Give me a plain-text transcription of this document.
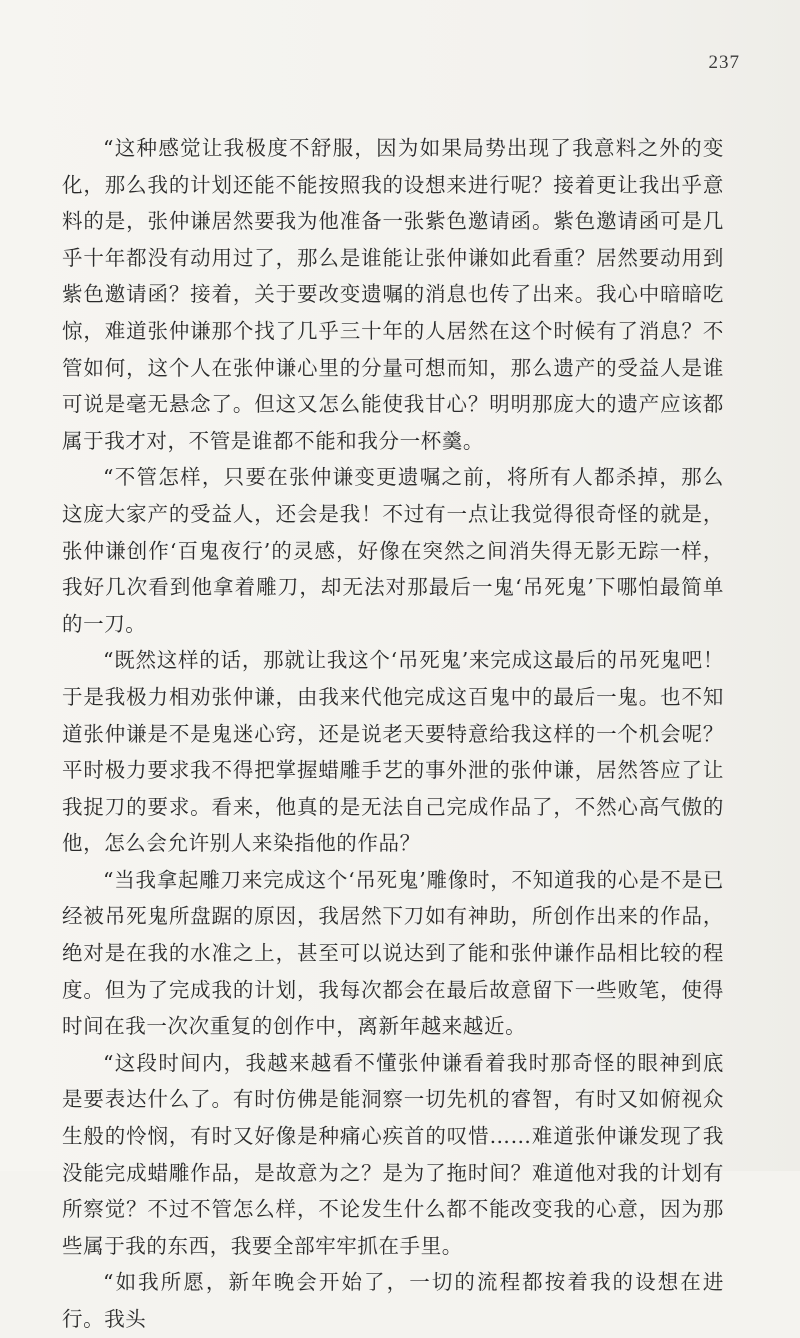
237

“这种感觉让我极度不舒服，因为如果局势出现了我意料之外的变化，那么我的计划还能不能按照我的设想来进行呢？接着更让我出乎意料的是，张仲谦居然要我为他准备一张紫色邀请函。紫色邀请函可是几乎十年都没有动用过了，那么是谁能让张仲谦如此看重？居然要动用到紫色邀请函？接着，关于要改变遗嘱的消息也传了出来。我心中暗暗吃惊，难道张仲谦那个找了几乎三十年的人居然在这个时候有了消息？不管如何，这个人在张仲谦心里的分量可想而知，那么遗产的受益人是谁可说是毫无悬念了。但这又怎么能使我甘心？明明那庞大的遗产应该都属于我才对，不管是谁都不能和我分一杯羹。

“不管怎样，只要在张仲谦变更遗嘱之前，将所有人都杀掉，那么这庞大家产的受益人，还会是我！不过有一点让我觉得很奇怪的就是，张仲谦创作‘百鬼夜行’的灵感，好像在突然之间消失得无影无踪一样，我好几次看到他拿着雕刀，却无法对那最后一鬼‘吊死鬼’下哪怕最简单的一刀。

“既然这样的话，那就让我这个‘吊死鬼’来完成这最后的吊死鬼吧！于是我极力相劝张仲谦，由我来代他完成这百鬼中的最后一鬼。也不知道张仲谦是不是鬼迷心窍，还是说老天要特意给我这样的一个机会呢？平时极力要求我不得把掌握蜡雕手艺的事外泄的张仲谦，居然答应了让我捉刀的要求。看来，他真的是无法自己完成作品了，不然心高气傲的他，怎么会允许别人来染指他的作品？

“当我拿起雕刀来完成这个‘吊死鬼’雕像时，不知道我的心是不是已经被吊死鬼所盘踞的原因，我居然下刀如有神助，所创作出来的作品，绝对是在我的水准之上，甚至可以说达到了能和张仲谦作品相比较的程度。但为了完成我的计划，我每次都会在最后故意留下一些败笔，使得时间在我一次次重复的创作中，离新年越来越近。

“这段时间内，我越来越看不懂张仲谦看着我时那奇怪的眼神到底是要表达什么了。有时仿佛是能洞察一切先机的睿智，有时又如俯视众生般的怜悯，有时又好像是种痛心疾首的叹惜……难道张仲谦发现了我没能完成蜡雕作品，是故意为之？是为了拖时间？难道他对我的计划有所察觉？不过不管怎么样，不论发生什么都不能改变我的心意，因为那些属于我的东西，我要全部牢牢抓在手里。

“如我所愿，新年晚会开始了，一切的流程都按着我的设想在进行。我头
